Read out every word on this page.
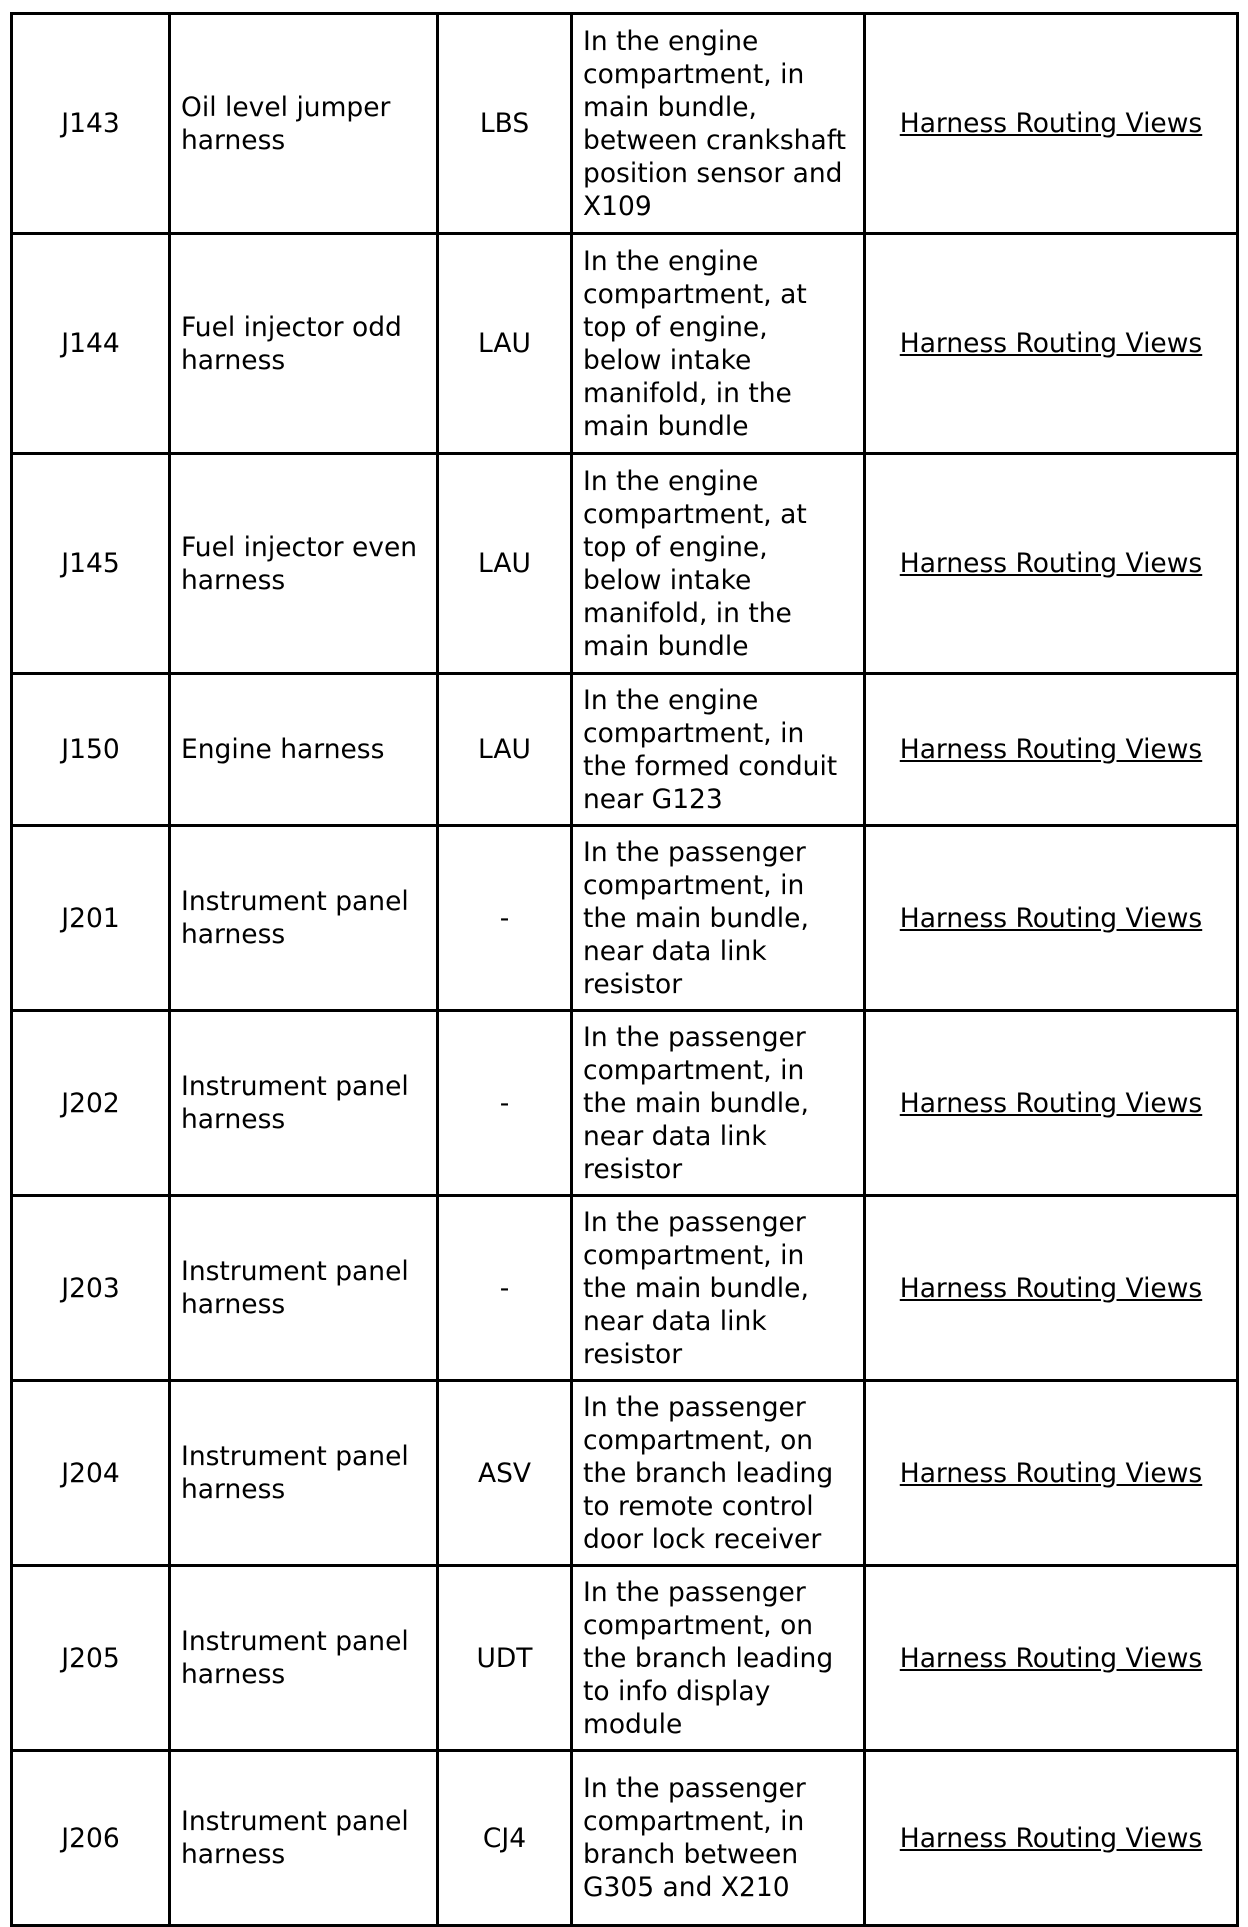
J143	Oil level jumper harness	LBS	In the engine compartment, in main bundle, between crankshaft position sensor and X109	Harness Routing Views
J144	Fuel injector odd harness	LAU	In the engine compartment, at top of engine, below intake manifold, in the main bundle	Harness Routing Views
J145	Fuel injector even harness	LAU	In the engine compartment, at top of engine, below intake manifold, in the main bundle	Harness Routing Views
J150	Engine harness	LAU	In the engine compartment, in the formed conduit near G123	Harness Routing Views
J201	Instrument panel harness	-	In the passenger compartment, in the main bundle, near data link resistor	Harness Routing Views
J202	Instrument panel harness	-	In the passenger compartment, in the main bundle, near data link resistor	Harness Routing Views
J203	Instrument panel harness	-	In the passenger compartment, in the main bundle, near data link resistor	Harness Routing Views
J204	Instrument panel harness	ASV	In the passenger compartment, on the branch leading to remote control door lock receiver	Harness Routing Views
J205	Instrument panel harness	UDT	In the passenger compartment, on the branch leading to info display module	Harness Routing Views
J206	Instrument panel harness	CJ4	In the passenger compartment, in branch between G305 and X210	Harness Routing Views
